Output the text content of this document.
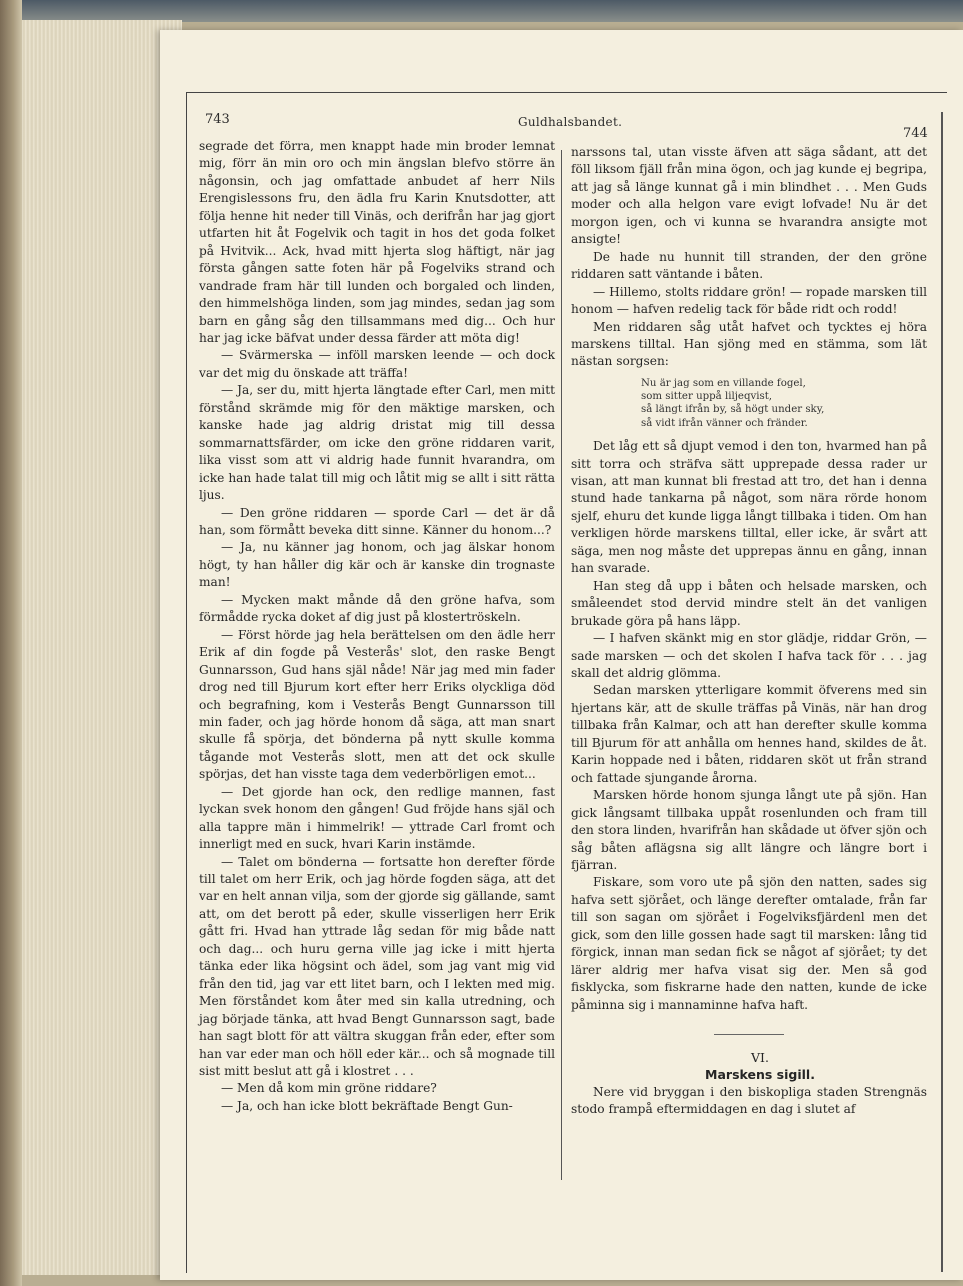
743	Guldhalsbandet.
744

segrade det förra, men knappt hade min broder lemnat mig, förr än min oro och min ängslan blefvo större än någonsin, och jag omfattade anbudet af herr Nils Erengislessons fru, den ädla fru Karin Knutsdotter, att följa henne hit neder till Vinäs, och derifrån har jag gjort utfarten hit åt Fogelvik och tagit in hos det goda folket på Hvitvik... Ack, hvad mitt hjerta slog häftigt, när jag första gången satte foten här på Fogelviks strand och vandrade fram här till lunden och borgaled och linden, den himmelshöga linden, som jag mindes, sedan jag som barn en gång såg den tillsammans med dig... Och hur har jag icke bäfvat under dessa färder att möta dig!

— Svärmerska — inföll marsken leende — och dock var det mig du önskade att träffa!

— Ja, ser du, mitt hjerta längtade efter Carl, men mitt förstånd skrämde mig för den mäktige marsken, och kanske hade jag aldrig dristat mig till dessa sommarnattsfärder, om icke den gröne riddaren varit, lika visst som att vi aldrig hade funnit hvarandra, om icke han hade talat till mig och låtit mig se allt i sitt rätta ljus.

— Den gröne riddaren — sporde Carl — det är då han, som förmått beveka ditt sinne. Känner du honom...?

— Ja, nu känner jag honom, och jag älskar honom högt, ty han håller dig kär och är kanske din trognaste man!

— Mycken makt månde då den gröne hafva, som förmådde rycka doket af dig just på klostertröskeln.

— Först hörde jag hela berättelsen om den ädle herr Erik af din fogde på Vesterås' slot, den raske Bengt Gunnarsson, Gud hans själ nåde! När jag med min fader drog ned till Bjurum kort efter herr Eriks olyckliga död och begrafning, kom i Vesterås Bengt Gunnarsson till min fader, och jag hörde honom då säga, att man snart skulle få spörja, det bönderna på nytt skulle komma tågande mot Vesterås slott, men att det ock skulle spörjas, det han visste taga dem vederbörligen emot...

— Det gjorde han ock, den redlige mannen, fast lyckan svek honom den gången! Gud fröjde hans själ och alla tappre män i himmelrik! — yttrade Carl fromt och innerligt med en suck, hvari Karin instämde.

— Talet om bönderna — fortsatte hon derefter förde till talet om herr Erik, och jag hörde fogden säga, att det var en helt annan vilja, som der gjorde sig gällande, samt att, om det berott på eder, skulle visserligen herr Erik gått fri. Hvad han yttrade låg sedan för mig både natt och dag... och huru gerna ville jag icke i mitt hjerta tänka eder lika högsint och ädel, som jag vant mig vid från den tid, jag var ett litet barn, och I lekten med mig. Men förståndet kom åter med sin kalla utredning, och jag började tänka, att hvad Bengt Gunnarsson sagt, bade han sagt blott för att vältra skuggan från eder, efter som han var eder man och höll eder kär... och så mognade till sist mitt beslut att gå i klostret . . .

— Men då kom min gröne riddare?

— Ja, och han icke blott bekräftade Bengt Gun-

narssons tal, utan visste äfven att säga sådant, att det föll liksom fjäll från mina ögon, och jag kunde ej begripa, att jag så länge kunnat gå i min blindhet . . . Men Guds moder och alla helgon vare evigt lofvade! Nu är det morgon igen, och vi kunna se hvarandra ansigte mot ansigte!

De hade nu hunnit till stranden, der den gröne riddaren satt väntande i båten.

— Hillemo, stolts riddare grön! — ropade marsken till honom — hafven redelig tack för både ridt och rodd!

Men riddaren såg utåt hafvet och tycktes ej höra marskens tilltal. Han sjöng med en stämma, som lät nästan sorgsen:

Nu är jag som en villande fogel,
som sitter uppå liljeqvist,
så längt ifrån by, så högt under sky,
så vidt ifrån vänner och fränder.

Det låg ett så djupt vemod i den ton, hvarmed han på sitt torra och sträfva sätt upprepade dessa rader ur visan, att man kunnat bli frestad att tro, det han i denna stund hade tankarna på något, som nära rörde honom sjelf, ehuru det kunde ligga långt tillbaka i tiden. Om han verkligen hörde marskens tilltal, eller icke, är svårt att säga, men nog måste det upprepas ännu en gång, innan han svarade.

Han steg då upp i båten och helsade marsken, och småleendet stod dervid mindre stelt än det vanligen brukade göra på hans läpp.

— I hafven skänkt mig en stor glädje, riddar Grön, — sade marsken — och det skolen I hafva tack för . . . jag skall det aldrig glömma.

Sedan marsken ytterligare kommit öfverens med sin hjertans kär, att de skulle träffas på Vinäs, när han drog tillbaka från Kalmar, och att han derefter skulle komma till Bjurum för att anhålla om hennes hand, skildes de åt. Karin hoppade ned i båten, riddaren sköt ut från strand och fattade sjungande årorna.

Marsken hörde honom sjunga långt ute på sjön. Han gick långsamt tillbaka uppåt rosenlunden och fram till den stora linden, hvarifrån han skådade ut öfver sjön och såg båten aflägsna sig allt längre och längre bort i fjärran.

Fiskare, som voro ute på sjön den natten, sades sig hafva sett sjörået, och länge derefter omtalade, från far till son sagan om sjörået i Fogelviksfjärdenl men det gick, som den lille gossen hade sagt til marsken: lång tid förgick, innan man sedan fick se något af sjörået; ty det lärer aldrig mer hafva visat sig der. Men så god fisklycka, som fiskrarne hade den natten, kunde de icke påminna sig i mannaminne hafva haft.

VI.

Marskens sigill.

Nere vid bryggan i den biskopliga staden Strengnäs stodo frampå eftermiddagen en dag i slutet af
